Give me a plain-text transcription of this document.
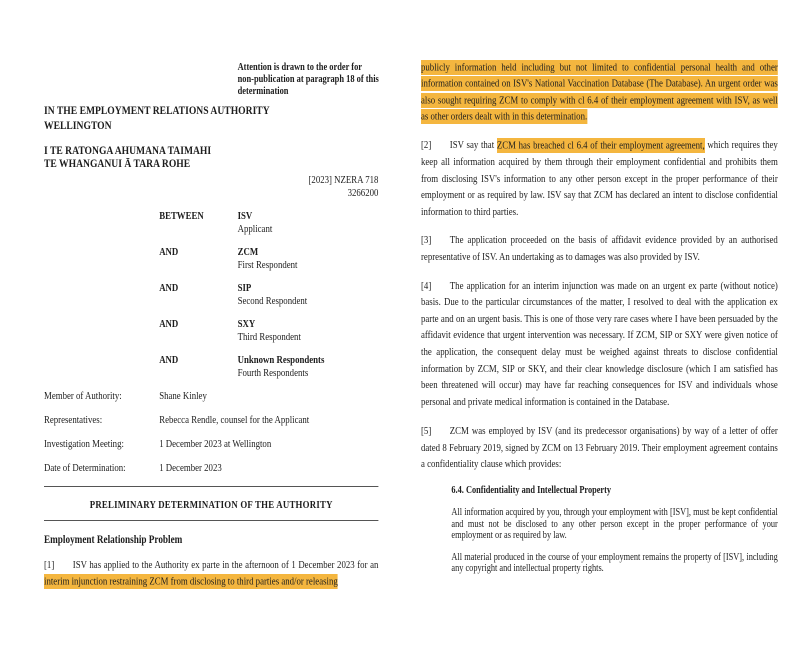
Attention is drawn to the order for non-publication at paragraph 18 of this determination
IN THE EMPLOYMENT RELATIONS AUTHORITY
WELLINGTON
I TE RATONGA AHUMANA TAIMAHI
TE WHANGANUI Ā TARA ROHE
[2023] NZERA 718
3266200
BETWEEN	ISV
Applicant
AND	ZCM
First Respondent
AND	SIP
Second Respondent
AND	SXY
Third Respondent
AND	Unknown Respondents
Fourth Respondents
Member of Authority:	Shane Kinley
Representatives:	Rebecca Rendle, counsel for the Applicant
Investigation Meeting:	1 December 2023 at Wellington
Date of Determination:	1 December 2023
PRELIMINARY DETERMINATION OF THE AUTHORITY
Employment Relationship Problem

[1] ISV has applied to the Authority ex parte in the afternoon of 1 December 2023 for an interim injunction restraining ZCM from disclosing to third parties and/or releasing

publicly information held including but not limited to confidential personal health and other information contained on ISV's National Vaccination Database (The Database). An urgent order was also sought requiring ZCM to comply with cl 6.4 of their employment agreement with ISV, as well as other orders dealt with in this determination.

[2] ISV say that ZCM has breached cl 6.4 of their employment agreement, which requires they keep all information acquired by them through their employment confidential and prohibits them from disclosing ISV's information to any other person except in the proper performance of their employment or as required by law. ISV say that ZCM has declared an intent to disclose confidential information to third parties.

[3] The application proceeded on the basis of affidavit evidence provided by an authorised representative of ISV. An undertaking as to damages was also provided by ISV.

[4] The application for an interim injunction was made on an urgent ex parte (without notice) basis. Due to the particular circumstances of the matter, I resolved to deal with the application ex parte and on an urgent basis. This is one of those very rare cases where I have been persuaded by the affidavit evidence that urgent intervention was necessary. If ZCM, SIP or SXY were given notice of the application, the consequent delay must be weighed against threats to disclose confidential information by ZCM, SIP or SKY, and their clear knowledge disclosure (which I am satisfied has been threatened will occur) may have far reaching consequences for ISV and individuals whose personal and private medical information is contained in the Database.

[5] ZCM was employed by ISV (and its predecessor organisations) by way of a letter of offer dated 8 February 2019, signed by ZCM on 13 February 2019. Their employment agreement contains a confidentiality clause which provides:

6.4. Confidentiality and Intellectual Property

All information acquired by you, through your employment with [ISV], must be kept confidential and must not be disclosed to any other person except in the proper performance of your employment or as required by law.

All material produced in the course of your employment remains the property of [ISV], including any copyright and intellectual property rights.
